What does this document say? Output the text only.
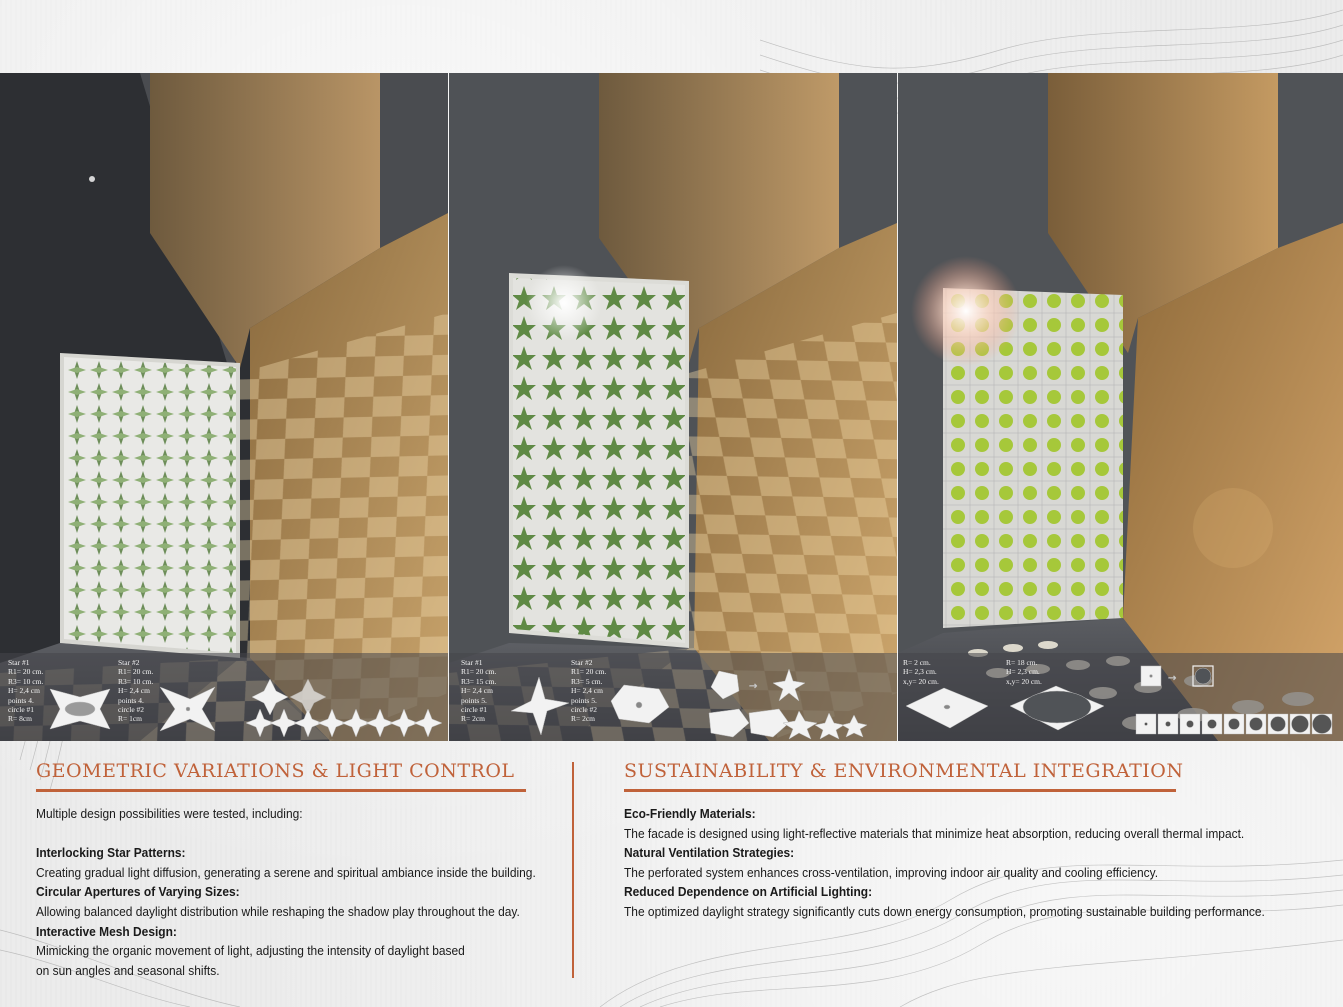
Star #1
R1= 20 cm.
R3= 10 cm.
H= 2,4 cm
points 4.
circle #1
R= 8cm
Star #2
R1= 20 cm.
R3= 10 cm.
H= 2,4 cm
points 4.
circle #2
R= 1cm
Star #1
R1= 20 cm.
R3= 15 cm.
H= 2,4 cm
points 5.
circle #1
R= 2cm
Star #2
R1= 20 cm.
R3= 5 cm.
H= 2,4 cm
points 5.
circle #2
R= 2cm
→
R= 2 cm.
H= 2,3 cm.
x,y= 20 cm.
R= 18 cm.
H= 2,3 cm.
x,y= 20 cm.	→
GEOMETRIC VARIATIONS & LIGHT CONTROL
Multiple design possibilities were tested, including:
Interlocking Star Patterns:
Creating gradual light diffusion, generating a serene and spiritual ambiance inside the building.
Circular Apertures of Varying Sizes:
Allowing balanced daylight distribution while reshaping the shadow play throughout the day.
Interactive Mesh Design:
Mimicking the organic movement of light, adjusting the intensity of daylight based
on sun angles and seasonal shifts.
SUSTAINABILITY & ENVIRONMENTAL INTEGRATION
Eco-Friendly Materials:
The facade is designed using light-reflective materials that minimize heat absorption, reducing overall thermal impact.
Natural Ventilation Strategies:
The perforated system enhances cross-ventilation, improving indoor air quality and cooling efficiency.
Reduced Dependence on Artificial Lighting:
The optimized daylight strategy significantly cuts down energy consumption, promoting sustainable building performance.
